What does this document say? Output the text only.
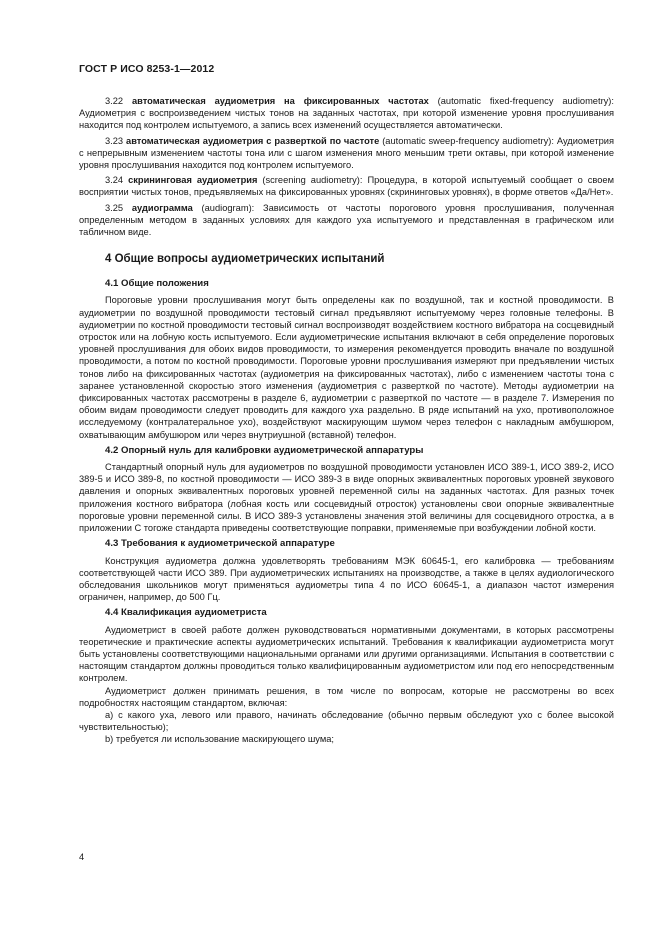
ГОСТ Р ИСО 8253-1—2012

3.22 автоматическая аудиометрия на фиксированных частотах (automatic fixed-frequency audiometry): Аудиометрия с воспроизведением чистых тонов на заданных частотах, при которой изменение уровня прослушивания находится под контролем испытуемого, а запись всех изменений осуществляется автоматически.

3.23 автоматическая аудиометрия с разверткой по частоте (automatic sweep-frequency audiometry): Аудиометрия с непрерывным изменением частоты тона или с шагом изменения много меньшим трети октавы, при которой изменение уровня прослушивания находится под контролем испытуемого.

3.24 скрининговая аудиометрия (screening audiometry): Процедура, в которой испытуемый сообщает о своем восприятии чистых тонов, предъявляемых на фиксированных уровнях (скрининговых уровнях), в форме ответов «Да/Нет».

3.25 аудиограмма (audiogram): Зависимость от частоты порогового уровня прослушивания, полученная определенным методом в заданных условиях для каждого уха испытуемого и представленная в графическом или табличном виде.

4 Общие вопросы аудиометрических испытаний
4.1 Общие положения

Пороговые уровни прослушивания могут быть определены как по воздушной, так и костной проводимости. В аудиометрии по воздушной проводимости тестовый сигнал предъявляют испытуемому через головные телефоны. В аудиометрии по костной проводимости тестовый сигнал воспроизводят воздействием костного вибратора на сосцевидный отросток или на лобную кость испытуемого. Если аудиометрические испытания включают в себя определение пороговых уровней прослушивания для обоих видов проводимости, то измерения рекомендуется проводить вначале по воздушной проводимости, а потом по костной проводимости. Пороговые уровни прослушивания измеряют при предъявлении чистых тонов либо на фиксированных частотах (аудиометрия на фиксированных частотах), либо с изменением частоты тона с заранее установленной скоростью этого изменения (аудиометрия с разверткой по частоте). Методы аудиометрии на фиксированных частотах рассмотрены в разделе 6, аудиометрии с разверткой по частоте — в разделе 7. Измерения по обоим видам проводимости следует проводить для каждого уха раздельно. В ряде испытаний на ухо, противоположное исследуемому (контралатеральное ухо), воздействуют маскирующим шумом через телефон с накладным амбушюром, охватывающим амбушюром или через внутриушной (вставной) телефон.

4.2 Опорный нуль для калибровки аудиометрической аппаратуры

Стандартный опорный нуль для аудиометров по воздушной проводимости установлен ИСО 389-1, ИСО 389-2, ИСО 389-5 и ИСО 389-8, по костной проводимости — ИСО 389-3 в виде опорных эквивалентных пороговых уровней звукового давления и опорных эквивалентных пороговых уровней переменной силы на заданных частотах. Для разных точек приложения костного вибратора (лобная кость или сосцевидный отросток) установлены свои опорные эквивалентные пороговые уровни переменной силы. В ИСО 389-3 установлены значения этой величины для сосцевидного отростка, а в приложении С тогоже стандарта приведены соответствующие поправки, применяемые при возбуждении лобной кости.

4.3 Требования к аудиометрической аппаратуре

Конструкция аудиометра должна удовлетворять требованиям МЭК 60645-1, его калибровка — требованиям соответствующей части ИСО 389. При аудиометрических испытаниях на производстве, а также в целях аудиологического обследования школьников могут применяться аудиометры типа 4 по ИСО 60645-1, а диапазон частот измерения ограничен, например, до 500 Гц.

4.4 Квалификация аудиометриста

Аудиометрист в своей работе должен руководствоваться нормативными документами, в которых рассмотрены теоретические и практические аспекты аудиометрических испытаний. Требования к квалификации аудиометриста могут быть установлены соответствующими национальными органами или другими организациями. Испытания в соответствии с настоящим стандартом должны проводиться только квалифицированным аудиометристом или под его непосредственным контролем.

Аудиометрист должен принимать решения, в том числе по вопросам, которые не рассмотрены во всех подробностях настоящим стандартом, включая:

a) с какого уха, левого или правого, начинать обследование (обычно первым обследуют ухо с более высокой чувствительностью);

b) требуется ли использование маскирующего шума;

4
